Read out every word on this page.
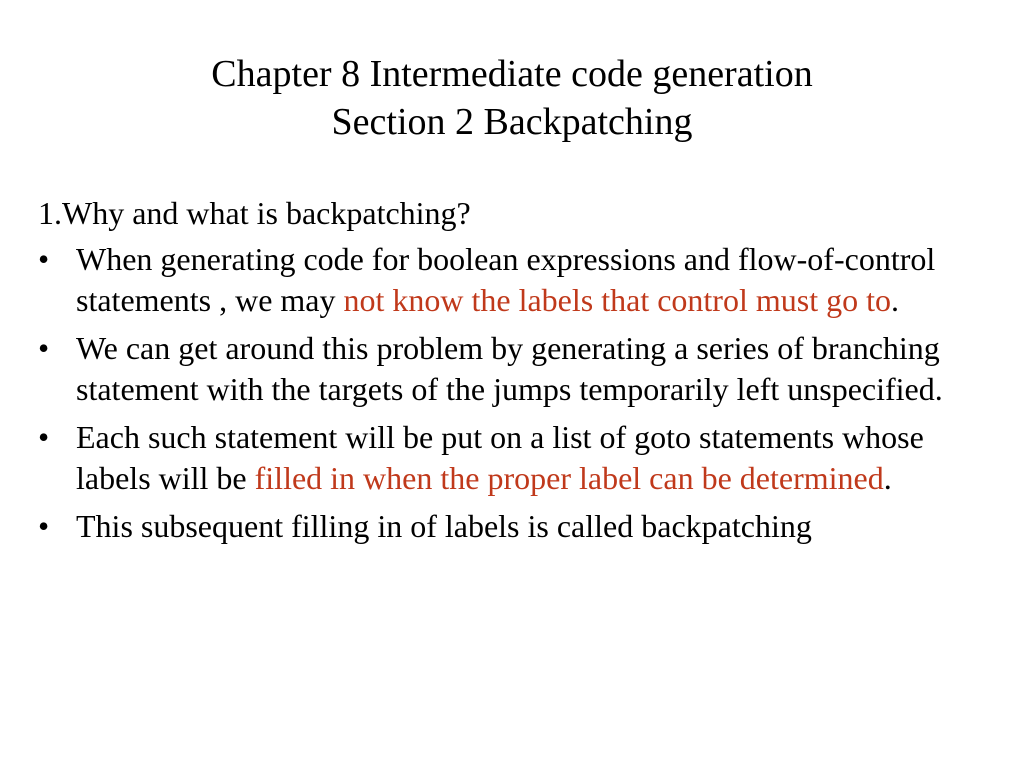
Chapter 8 Intermediate code generation
Section 2 Backpatching
1.Why and what is backpatching?
• When generating code for boolean expressions and flow-of-control statements , we may not know the labels that control must go to.
• We can get around this problem by generating a series of branching statement with the targets of the jumps temporarily left unspecified.
• Each such statement will be put on a list of goto statements whose labels will be filled in when the proper label can be determined.
• This subsequent filling in of labels is called backpatching
